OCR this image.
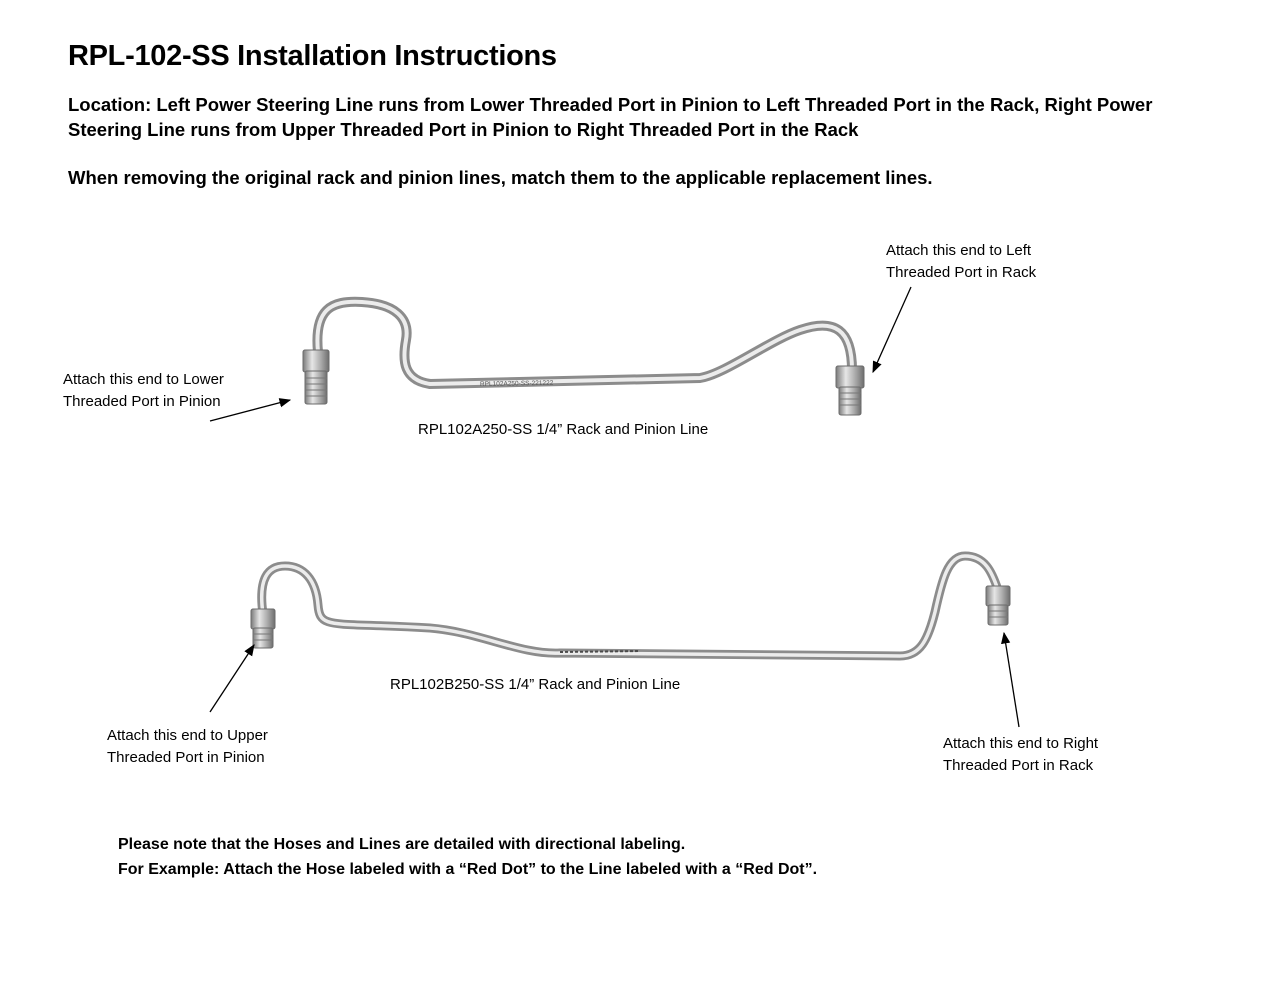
RPL-102-SS Installation Instructions
Location: Left Power Steering Line runs from Lower Threaded Port in Pinion to Left Threaded Port in the Rack, Right Power Steering Line runs from Upper Threaded Port in Pinion to Right Threaded Port in the Rack
When removing the original rack and pinion lines, match them to the applicable replacement lines.
RPL102A250-SS-221222
Attach this end to Lower
Threaded Port in Pinion
Attach this end to Left
Threaded Port in Rack
RPL102A250-SS 1/4” Rack and Pinion Line
RPL102B250-SS 1/4” Rack and Pinion Line
Attach this end to Upper
Threaded Port in Pinion
Attach this end to Right
Threaded Port in Rack
Please note that the Hoses and Lines are detailed with directional labeling.
For Example: Attach the Hose labeled with a “Red Dot” to the Line labeled with a “Red Dot”.
